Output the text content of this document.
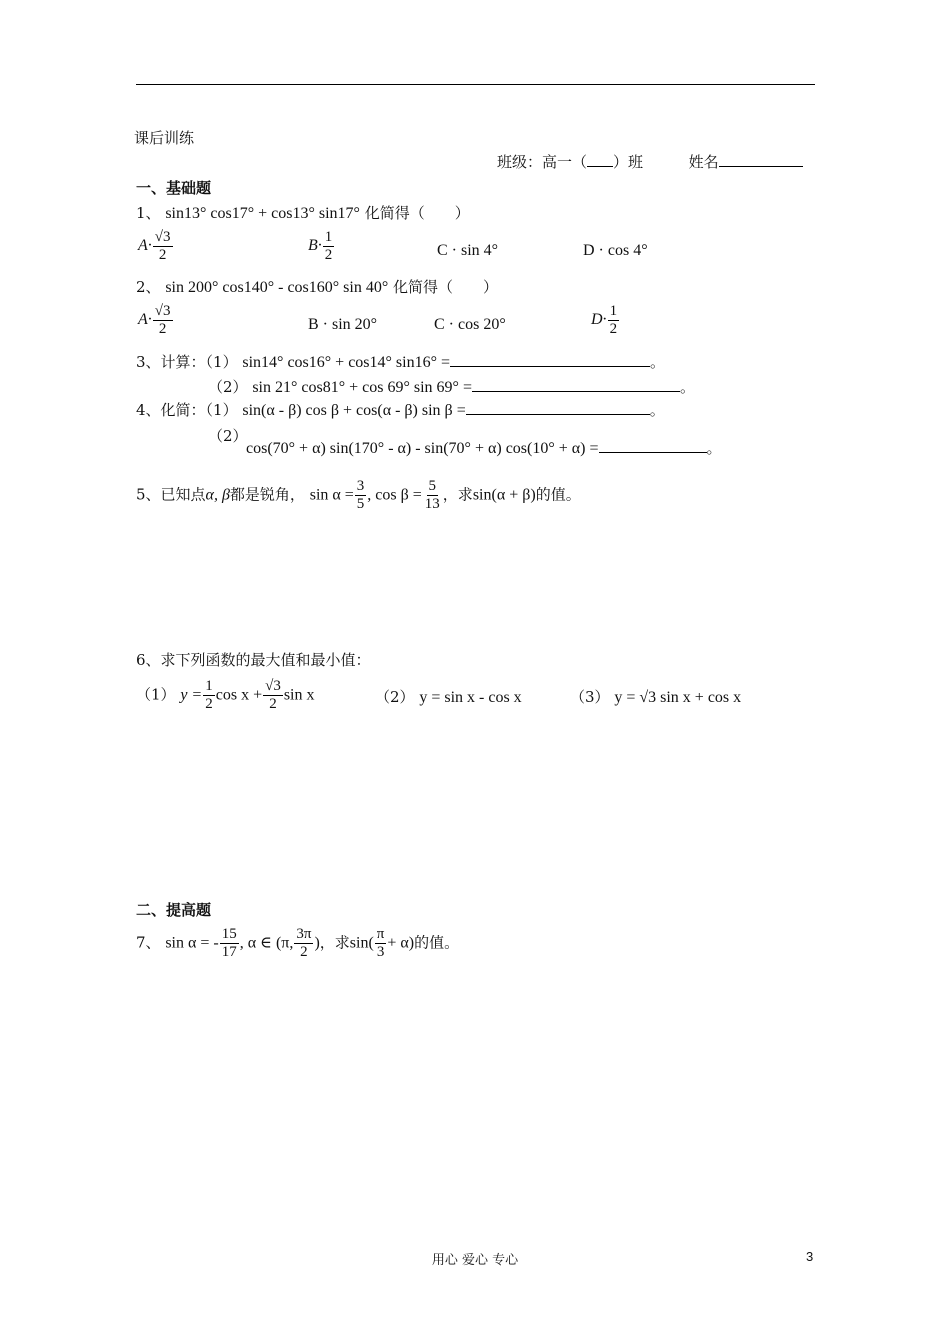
课后训练
班级：高一（ ）班	姓名
一、基础题
1、 sin13° cos17° + cos13° sin17° 化简得（　　）
$A\cdot \frac{√3}{2}$	$B\cdot \frac{1}{2}$	C · sin 4°	D · cos 4°
2、 sin 200° cos140° - cos160° sin 40° 化简得（　　）
$A\cdot \frac{√3}{2}$	B · sin 20°	C · cos 20°	$D\cdot \frac{1}{2}$
3、计算：（1） sin14° cos16° + cos14° sin16° =	。
（2） sin 21° cos81° + cos 69° sin 69° =	。
4、化简：（1） sin(α - β) cos β + cos(α - β) sin β =	。
（2）
cos(70° + α) sin(170° - α) - sin(70° + α) cos(10° + α) =	。
5、已知点α, β都是锐角， $\sin \alpha = \frac{3}{5}$ , $\cos \beta = \frac{5}{13}$ ，求sin(α + β)的值。
6、求下列函数的最大值和最小值：
（1） $y = \frac{1}{2}$ $\cos x + \frac{√3}{2}$ sin x	（2） y = sin x - cos x	（3） y = √3 sin x + cos x
二、提高题
7、 sin α = - $\frac{15}{17}$ , α ∈ (π, $\frac{3\pi}{2}$ )，求$\sin( \frac{\pi}{3} + \alpha)$的值。
用心 爱心 专心	3
